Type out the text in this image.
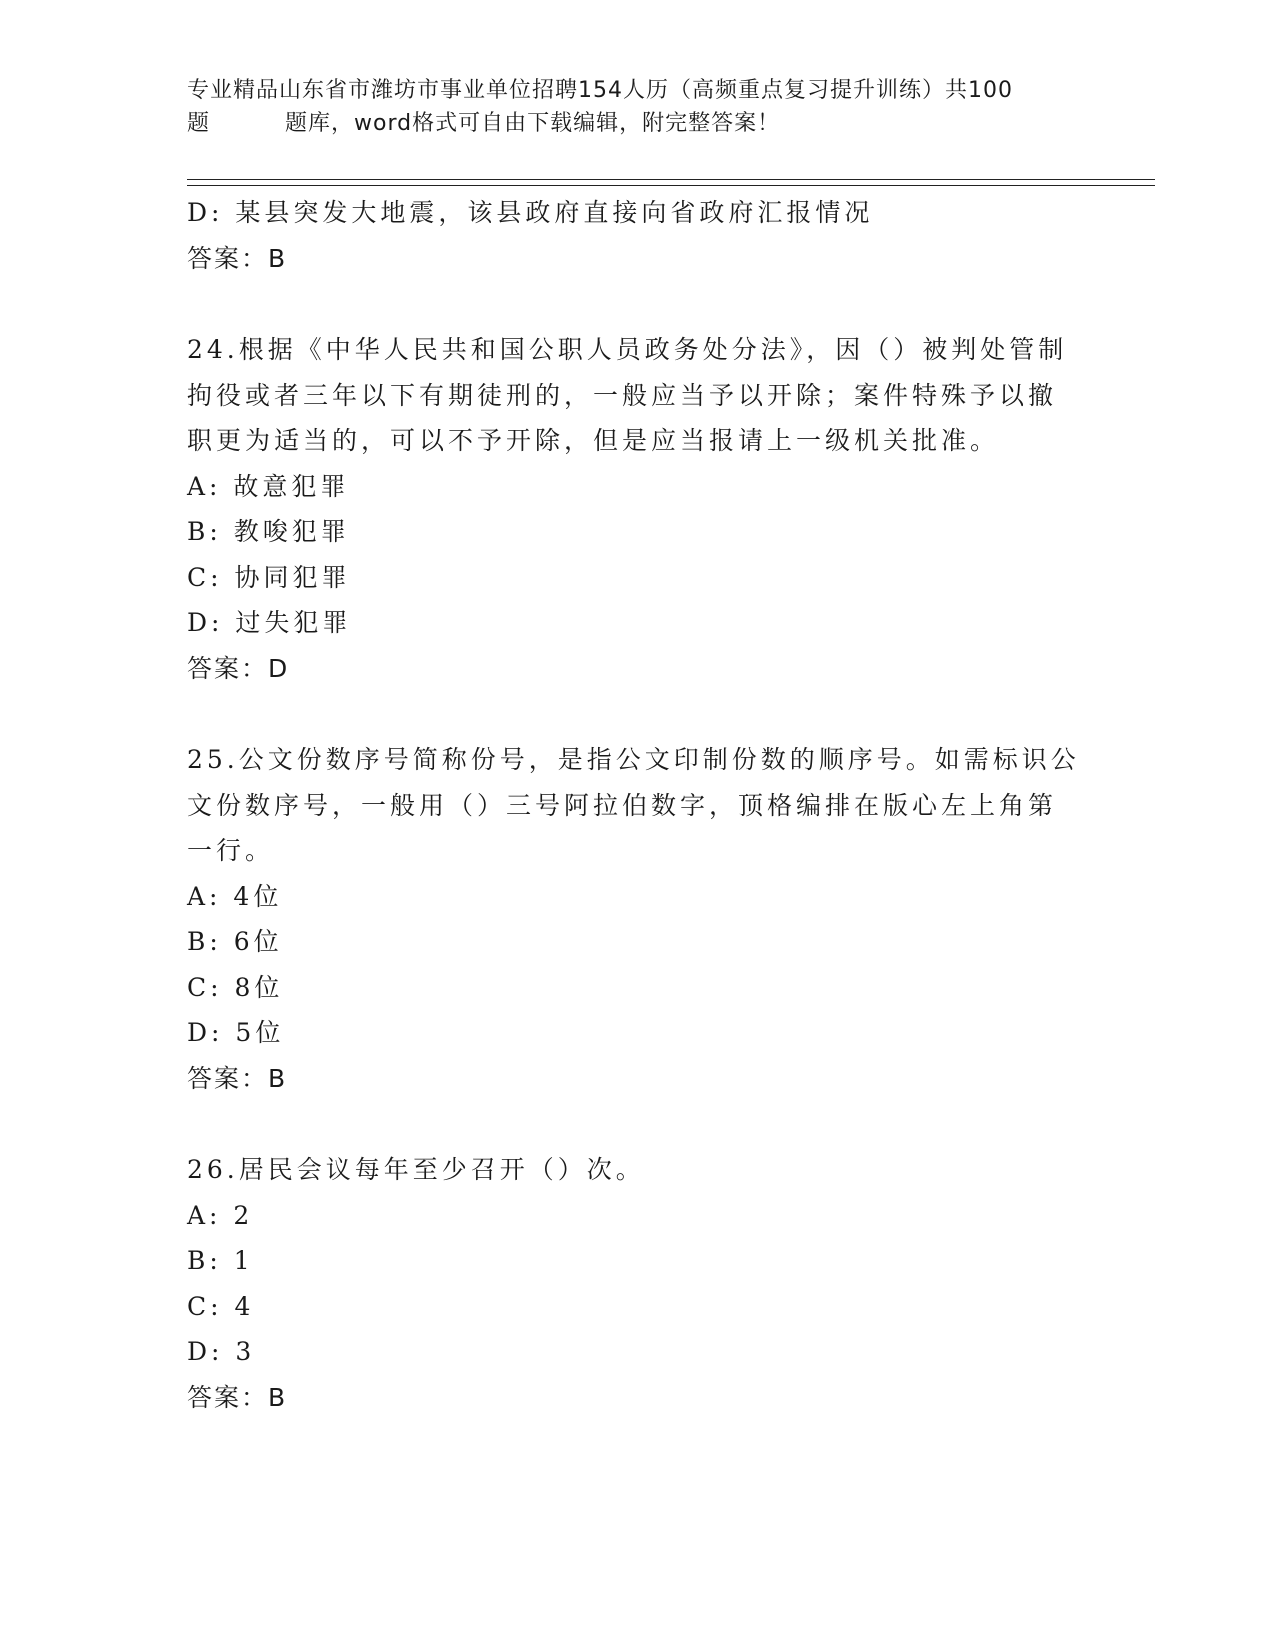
专业精品山东省市潍坊市事业单位招聘154人历（高频重点复习提升训练）共100
题	题库，word格式可自由下载编辑，附完整答案！
D: 某县突发大地震，该县政府直接向省政府汇报情况
答案：B
24.根据《中华人民共和国公职人员政务处分法》，因（）被判处管制
拘役或者三年以下有期徒刑的，一般应当予以开除；案件特殊予以撤
职更为适当的，可以不予开除，但是应当报请上一级机关批准。
A: 故意犯罪
B: 教唆犯罪
C: 协同犯罪
D: 过失犯罪
答案：D
25.公文份数序号简称份号，是指公文印制份数的顺序号。如需标识公
文份数序号，一般用（）三号阿拉伯数字，顶格编排在版心左上角第
一行。
A: 4位
B: 6位
C: 8位
D: 5位
答案：B
26.居民会议每年至少召开（）次。
A: 2
B: 1
C: 4
D: 3
答案：B
